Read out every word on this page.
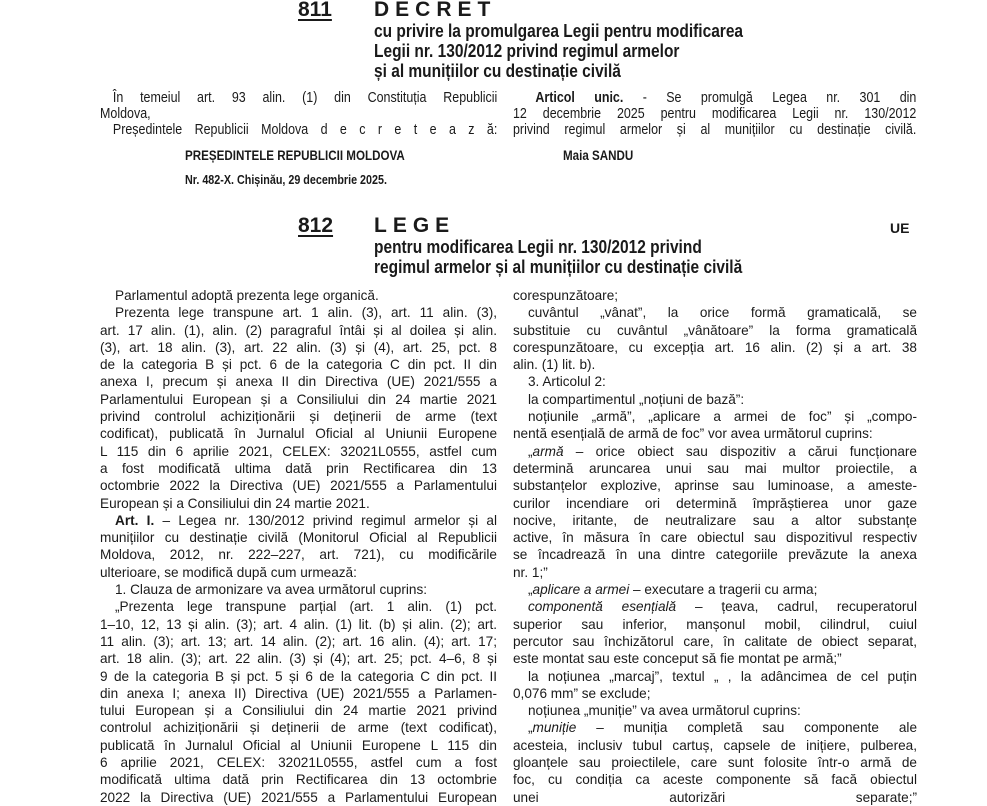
811 DECRET
cu privire la promulgarea Legii pentru modificarea
Legii nr. 130/2012 privind regimul armelor
și al munițiilor cu destinație civilă
În temeiul art. 93 alin. (1) din Constituția Republicii
Moldova,
Președintele Republicii Moldova d e c r e t e a z ă:
Articol unic. - Se promulgă Legea nr. 301 din
12 decembrie 2025 pentru modificarea Legii nr. 130/2012
privind regimul armelor și al munițiilor cu destinație civilă.
PREȘEDINTELE REPUBLICII MOLDOVA	Maia SANDU
Nr. 482-X. Chișinău, 29 decembrie 2025.
812 LEGE	UE
pentru modificarea Legii nr. 130/2012 privind
regimul armelor și al munițiilor cu destinație civilă
Parlamentul adoptă prezenta lege organică.
Prezenta lege transpune art. 1 alin. (3), art. 11 alin. (3),
art. 17 alin. (1), alin. (2) paragraful întâi și al doilea și alin.
(3), art. 18 alin. (3), art. 22 alin. (3) și (4), art. 25, pct. 8
de la categoria B și pct. 6 de la categoria C din pct. II din
anexa I, precum și anexa II din Directiva (UE) 2021/555 a
Parlamentului European și a Consiliului din 24 martie 2021
privind controlul achiziționării și deținerii de arme (text
codificat), publicată în Jurnalul Oficial al Uniunii Europene
L 115 din 6 aprilie 2021, CELEX: 32021L0555, astfel cum
a fost modificată ultima dată prin Rectificarea din 13
octombrie 2022 la Directiva (UE) 2021/555 a Parlamentului
European și a Consiliului din 24 martie 2021.
Art. I. – Legea nr. 130/2012 privind regimul armelor și al
munițiilor cu destinație civilă (Monitorul Oficial al Republicii
Moldova, 2012, nr. 222–227, art. 721), cu modificările
ulterioare, se modifică după cum urmează:
1. Clauza de armonizare va avea următorul cuprins:
„Prezenta lege transpune parțial (art. 1 alin. (1) pct.
1–10, 12, 13 și alin. (3); art. 4 alin. (1) lit. (b) și alin. (2); art.
11 alin. (3); art. 13; art. 14 alin. (2); art. 16 alin. (4); art. 17;
art. 18 alin. (3); art. 22 alin. (3) și (4); art. 25; pct. 4–6, 8 și
9 de la categoria B și pct. 5 și 6 de la categoria C din pct. II
din anexa I; anexa II) Directiva (UE) 2021/555 a Parlamen-
tului European și a Consiliului din 24 martie 2021 privind
controlul achiziționării și deținerii de arme (text codificat),
publicată în Jurnalul Oficial al Uniunii Europene L 115 din
6 aprilie 2021, CELEX: 32021L0555, astfel cum a fost
modificată ultima dată prin Rectificarea din 13 octombrie
2022 la Directiva (UE) 2021/555 a Parlamentului European
corespunzătoare;
cuvântul „vânat”, la orice formă gramaticală, se
substituie cu cuvântul „vânătoare” la forma gramaticală
corespunzătoare, cu excepția art. 16 alin. (2) și a art. 38
alin. (1) lit. b).
3. Articolul 2:
la compartimentul „noțiuni de bază”:
noțiunile „armă”, „aplicare a armei de foc” și „compo-
nentă esențială de armă de foc” vor avea următorul cuprins:
„armă – orice obiect sau dispozitiv a cărui funcționare
determină aruncarea unui sau mai multor proiectile, a
substanțelor explozive, aprinse sau luminoase, a ameste-
curilor incendiare ori determină împrăștierea unor gaze
nocive, iritante, de neutralizare sau a altor substanțe
active, în măsura în care obiectul sau dispozitivul respectiv
se încadrează în una dintre categoriile prevăzute la anexa
nr. 1;”
„aplicare a armei – executare a tragerii cu arma;
componentă esențială – țeava, cadrul, recuperatorul
superior sau inferior, manșonul mobil, cilindrul, cuiul
percutor sau închizătorul care, în calitate de obiect separat,
este montat sau este conceput să fie montat pe armă;”
la noțiunea „marcaj”, textul „ , la adâncimea de cel puțin
0,076 mm” se exclude;
noțiunea „muniție” va avea următorul cuprins:
„muniție – muniția completă sau componente ale
acesteia, inclusiv tubul cartuș, capsele de inițiere, pulberea,
gloanțele sau proiectilele, care sunt folosite într-o armă de
foc, cu condiția ca aceste componente să facă obiectul
unei autorizări separate;”
